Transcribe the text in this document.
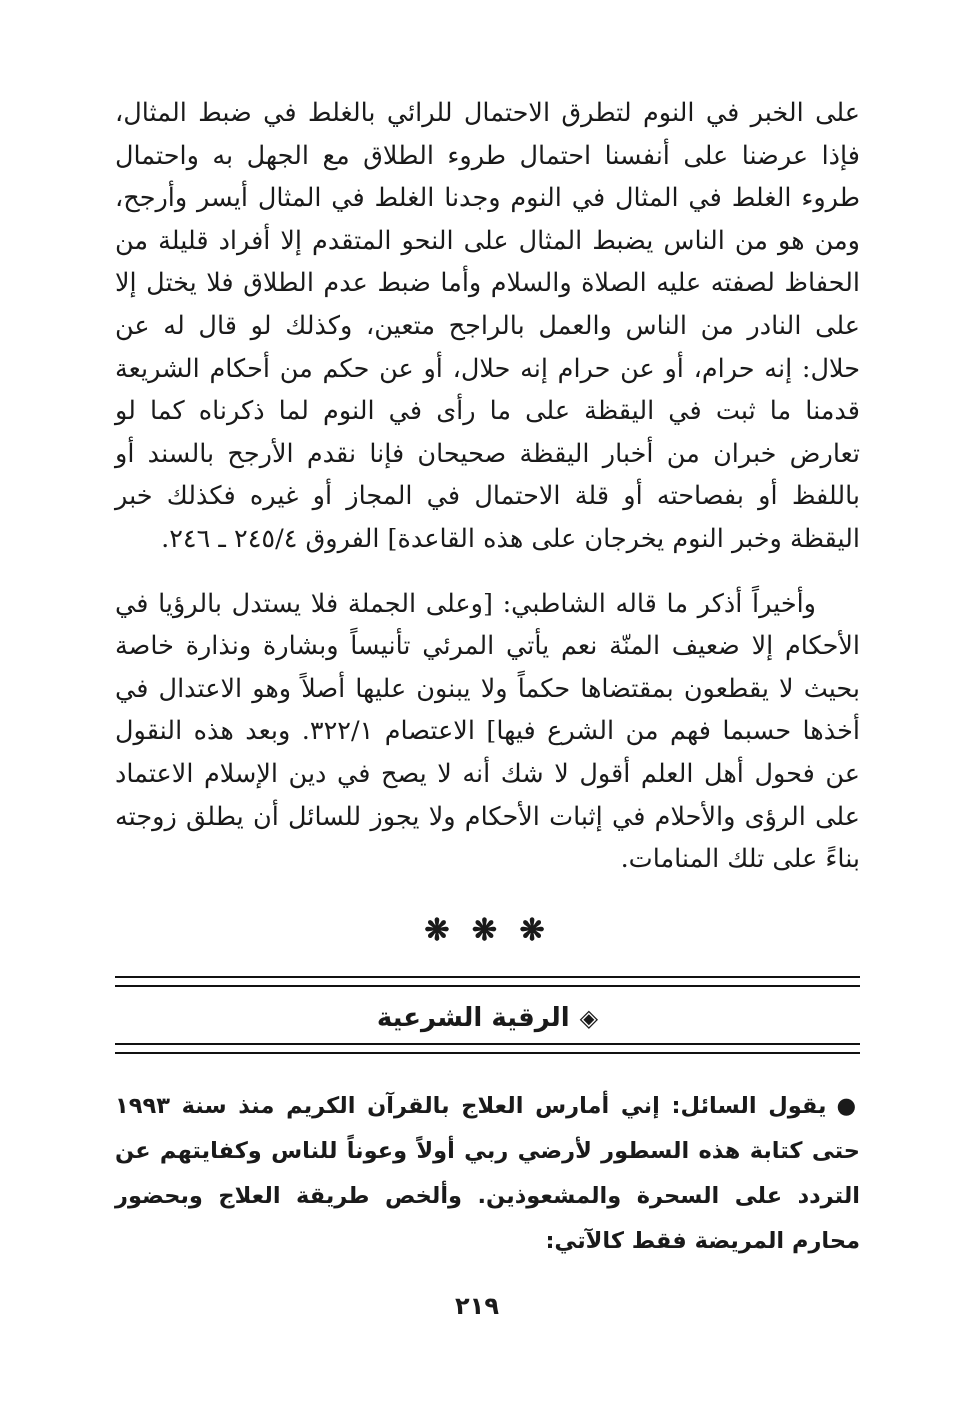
على الخبر في النوم لتطرق الاحتمال للرائي بالغلط في ضبط المثال، فإذا عرضنا على أنفسنا احتمال طروء الطلاق مع الجهل به واحتمال طروء الغلط في المثال في النوم وجدنا الغلط في المثال أيسر وأرجح، ومن هو من الناس يضبط المثال على النحو المتقدم إلا أفراد قليلة من الحفاظ لصفته عليه الصلاة والسلام وأما ضبط عدم الطلاق فلا يختل إلا على النادر من الناس والعمل بالراجح متعين، وكذلك لو قال له عن حلال: إنه حرام، أو عن حرام إنه حلال، أو عن حكم من أحكام الشريعة قدمنا ما ثبت في اليقظة على ما رأى في النوم لما ذكرناه كما لو تعارض خبران من أخبار اليقظة صحيحان فإنا نقدم الأرجح بالسند أو باللفظ أو بفصاحته أو قلة الاحتمال في المجاز أو غيره فكذلك خبر اليقظة وخبر النوم يخرجان على هذه القاعدة] الفروق ٢٤٥/٤ ـ ٢٤٦.

وأخيراً أذكر ما قاله الشاطبي: [وعلى الجملة فلا يستدل بالرؤيا في الأحكام إلا ضعيف المنّة نعم يأتي المرئي تأنيساً وبشارة ونذارة خاصة بحيث لا يقطعون بمقتضاها حكماً ولا يبنون عليها أصلاً وهو الاعتدال في أخذها حسبما فهم من الشرع فيها] الاعتصام ٣٢٢/١. وبعد هذه النقول عن فحول أهل العلم أقول لا شك أنه لا يصح في دين الإسلام الاعتماد على الرؤى والأحلام في إثبات الأحكام ولا يجوز للسائل أن يطلق زوجته بناءً على تلك المنامات.

❋ ❋ ❋
◈الرقية الشرعية

●يقول السائل: إني أمارس العلاج بالقرآن الكريم منذ سنة ١٩٩٣ حتى كتابة هذه السطور لأرضي ربي أولاً وعوناً للناس وكفايتهم عن التردد على السحرة والمشعوذين. وألخص طريقة العلاج وبحضور محارم المريضة فقط كالآتي:

٢١٩
